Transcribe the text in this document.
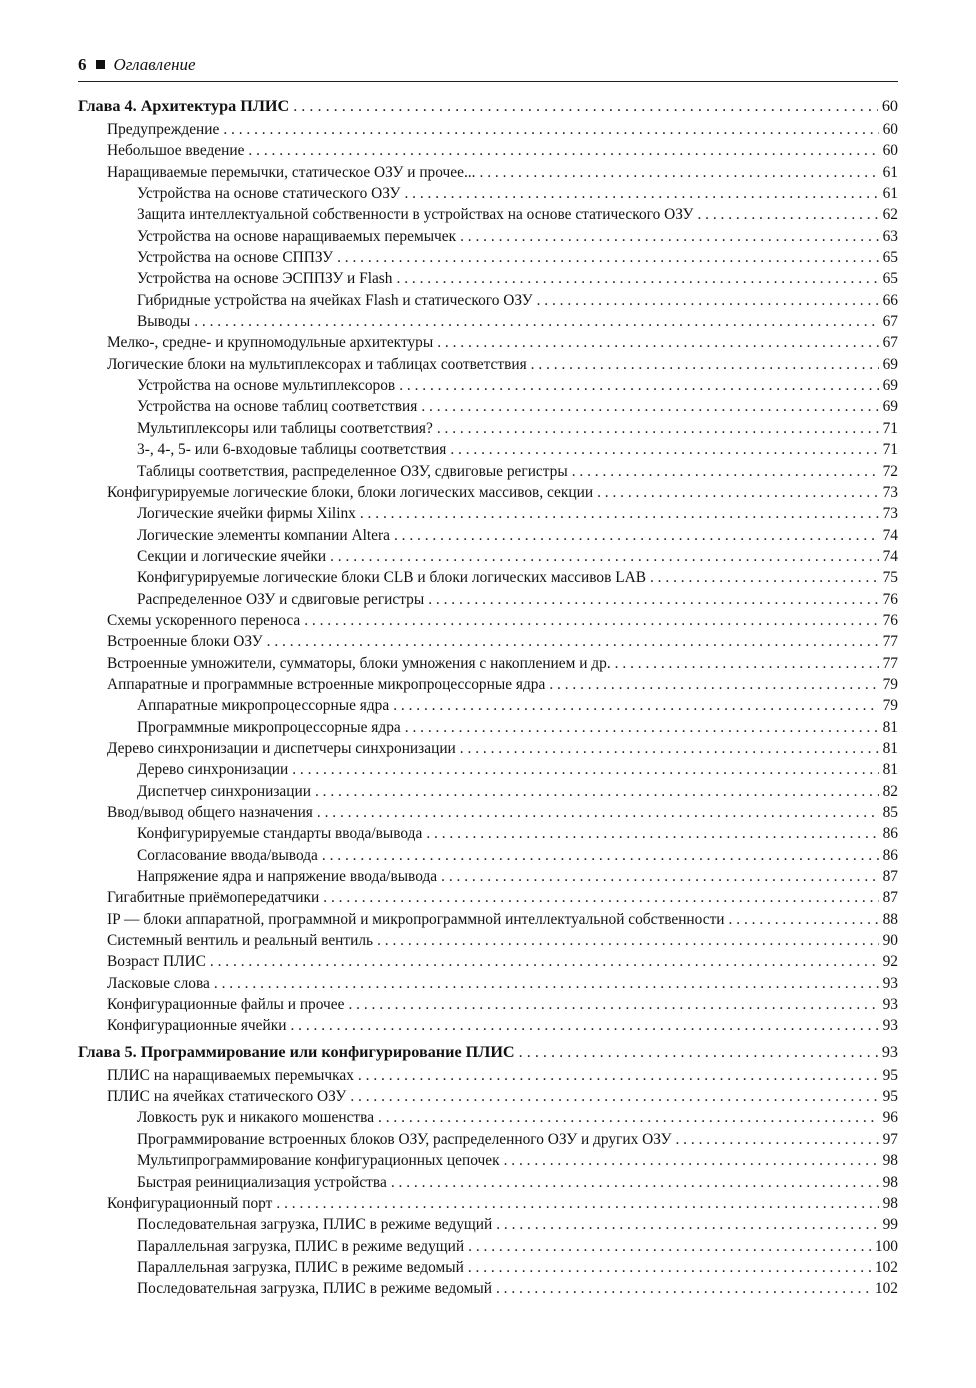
6 Оглавление
Глава 4. Архитектура ПЛИС . . .	60
Предупреждение . . .	60
Небольшое введение . . .	60
Наращиваемые перемычки, статическое ОЗУ и прочее... . . .	61
Устройства на основе статического ОЗУ . . .	61
Защита интеллектуальной собственности в устройствах на основе статического ОЗУ . . .	62
Устройства на основе наращиваемых перемычек . . .	63
Устройства на основе СППЗУ . . .	65
Устройства на основе ЭСППЗУ и Flash . . .	65
Гибридные устройства на ячейках Flash и статического ОЗУ . . .	66
Выводы . . .	67
Мелко-, средне- и крупномодульные архитектуры . . .	67
Логические блоки на мультиплексорах и таблицах соответствия . . .	69
Устройства на основе мультиплексоров . . .	69
Устройства на основе таблиц соответствия . . .	69
Мультиплексоры или таблицы соответствия? . . .	71
3-, 4-, 5- или 6-входовые таблицы соответствия . . .	71
Таблицы соответствия, распределенное ОЗУ, сдвиговые регистры . . .	72
Конфигурируемые логические блоки, блоки логических массивов, секции . . .	73
Логические ячейки фирмы Xilinx . . .	73
Логические элементы компании Altera . . .	74
Секции и логические ячейки . . .	74
Конфигурируемые логические блоки CLB и блоки логических массивов LAB . . .	75
Распределенное ОЗУ и сдвиговые регистры . . .	76
Схемы ускоренного переноса . . .	76
Встроенные блоки ОЗУ . . .	77
Встроенные умножители, сумматоры, блоки умножения с накоплением и др. . . .	77
Аппаратные и программные встроенные микропроцессорные ядра . . .	79
Аппаратные микропроцессорные ядра . . .	79
Программные микропроцессорные ядра . . .	81
Дерево синхронизации и диспетчеры синхронизации . . .	81
Дерево синхронизации . . .	81
Диспетчер синхронизации . . .	82
Ввод/вывод общего назначения . . .	85
Конфигурируемые стандарты ввода/вывода . . .	86
Согласование ввода/вывода . . .	86
Напряжение ядра и напряжение ввода/вывода . . .	87
Гигабитные приёмопередатчики . . .	87
IP — блоки аппаратной, программной и микропрограммной интеллектуальной собственности . . .	88
Системный вентиль и реальный вентиль . . .	90
Возраст ПЛИС . . .	92
Ласковые слова . . .	93
Конфигурационные файлы и прочее . . .	93
Конфигурационные ячейки . . .	93
Глава 5. Программирование или конфигурирование ПЛИС . . .	93
ПЛИС на наращиваемых перемычках . . .	95
ПЛИС на ячейках статического ОЗУ . . .	95
Ловкость рук и никакого мошенства . . .	96
Программирование встроенных блоков ОЗУ, распределенного ОЗУ и других ОЗУ . . .	97
Мультипрограммирование конфигурационных цепочек . . .	98
Быстрая реинициализация устройства . . .	98
Конфигурационный порт . . .	98
Последовательная загрузка, ПЛИС в режиме ведущий . . .	99
Параллельная загрузка, ПЛИС в режиме ведущий . . .	100
Параллельная загрузка, ПЛИС в режиме ведомый . . .	102
Последовательная загрузка, ПЛИС в режиме ведомый . . .	102
